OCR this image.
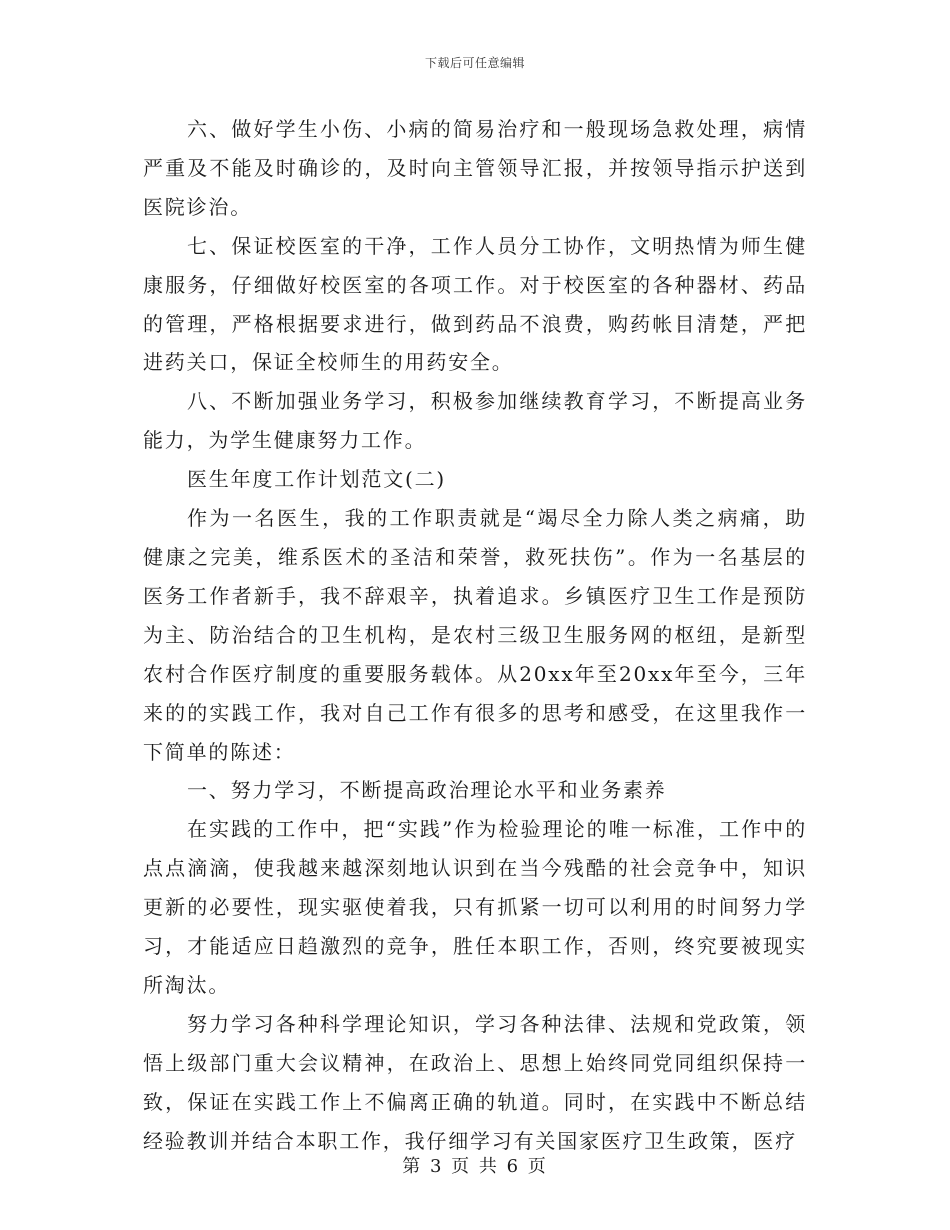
下载后可任意编辑

六、做好学生小伤、小病的简易治疗和一般现场急救处理，病情严重及不能及时确诊的，及时向主管领导汇报，并按领导指示护送到医院诊治。

七、保证校医室的干净，工作人员分工协作，文明热情为师生健康服务，仔细做好校医室的各项工作。对于校医室的各种器材、药品的管理，严格根据要求进行，做到药品不浪费，购药帐目清楚，严把进药关口，保证全校师生的用药安全。

八、不断加强业务学习，积极参加继续教育学习，不断提高业务能力，为学生健康努力工作。

医生年度工作计划范文(二)

作为一名医生，我的工作职责就是“竭尽全力除人类之病痛，助健康之完美，维系医术的圣洁和荣誉，救死扶伤”。作为一名基层的医务工作者新手，我不辞艰辛，执着追求。乡镇医疗卫生工作是预防为主、防治结合的卫生机构，是农村三级卫生服务网的枢纽，是新型农村合作医疗制度的重要服务载体。从20xx年至20xx年至今，三年来的的实践工作，我对自己工作有很多的思考和感受，在这里我作一下简单的陈述：

一、努力学习，不断提高政治理论水平和业务素养

在实践的工作中，把“实践”作为检验理论的唯一标准，工作中的点点滴滴，使我越来越深刻地认识到在当今残酷的社会竞争中，知识更新的必要性，现实驱使着我，只有抓紧一切可以利用的时间努力学习，才能适应日趋激烈的竞争，胜任本职工作，否则，终究要被现实所淘汰。

努力学习各种科学理论知识，学习各种法律、法规和党政策，领悟上级部门重大会议精神，在政治上、思想上始终同党同组织保持一致，保证在实践工作上不偏离正确的轨道。同时，在实践中不断总结经验教训并结合本职工作，我仔细学习有关国家医疗卫生政策，医疗

第 3 页 共 6 页
